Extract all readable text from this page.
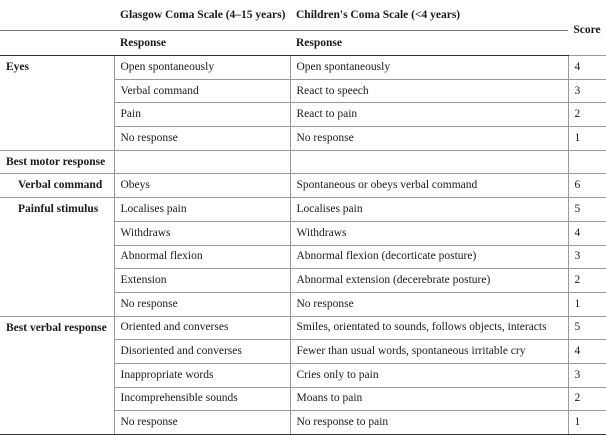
	Glasgow Coma Scale (4–15 years)	Children's Coma Scale (<4 years)	Score
	Response	Response	
Eyes	Open spontaneously	Open spontaneously	4
	Verbal command	React to speech	3
	Pain	React to pain	2
	No response	No response	1
Best motor response			
Verbal command	Obeys	Spontaneous or obeys verbal command	6
Painful stimulus	Localises pain	Localises pain	5
	Withdraws	Withdraws	4
	Abnormal flexion	Abnormal flexion (decorticate posture)	3
	Extension	Abnormal extension (decerebrate posture)	2
	No response	No response	1
Best verbal response	Oriented and converses	Smiles, orientated to sounds, follows objects, interacts	5
	Disoriented and converses	Fewer than usual words, spontaneous irritable cry	4
	Inappropriate words	Cries only to pain	3
	Incomprehensible sounds	Moans to pain	2
	No response	No response to pain	1
